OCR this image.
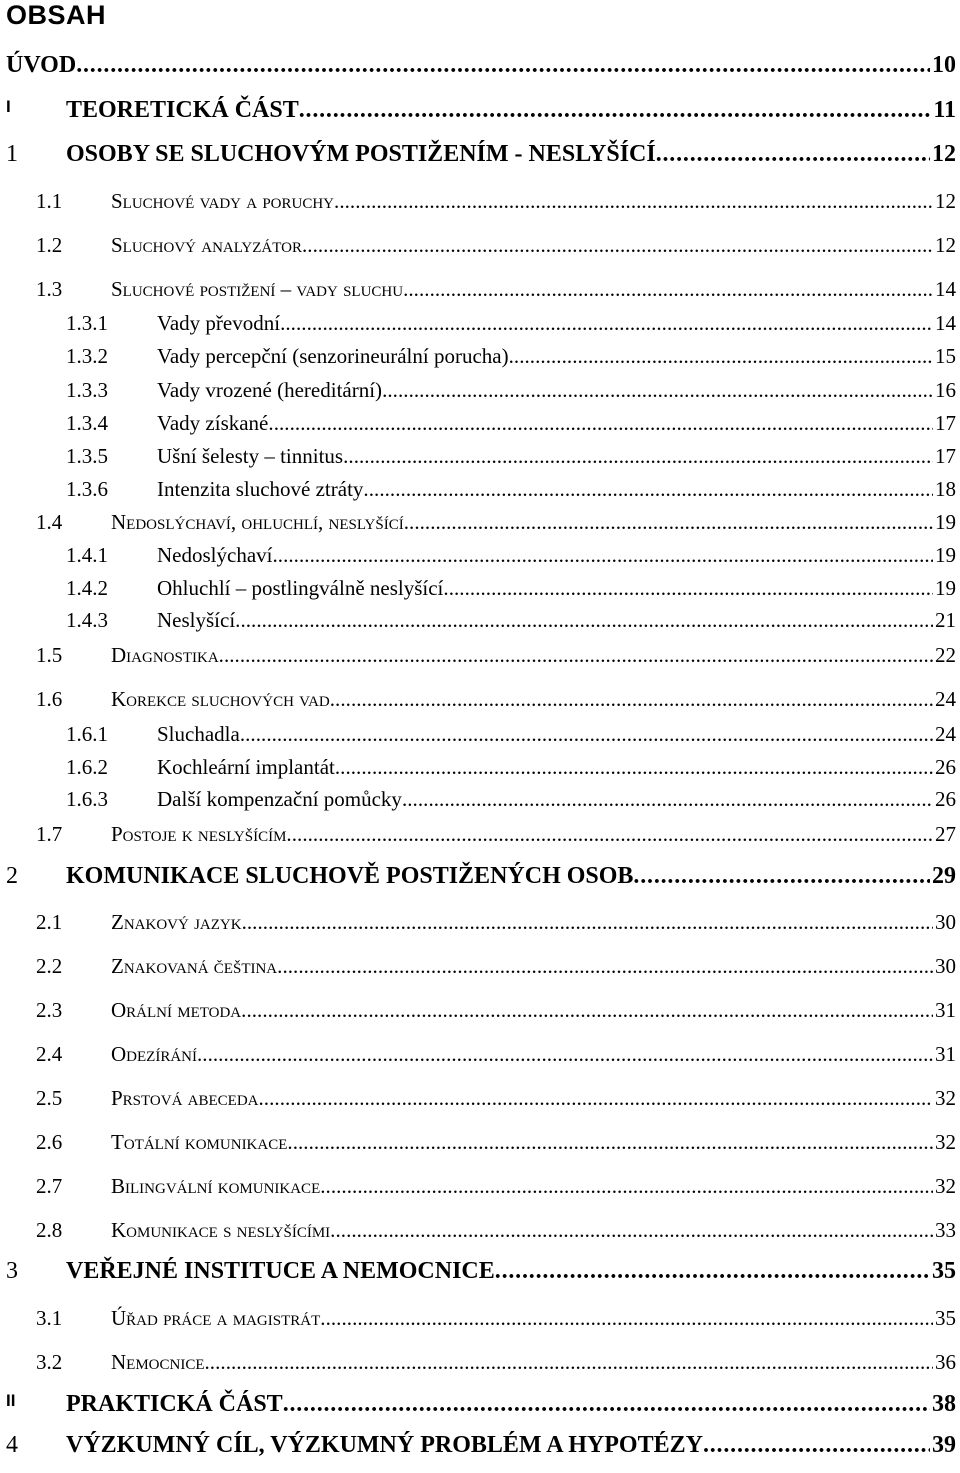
OBSAH
ÚVOD . . .	10
I TEORETICKÁ ČÁST . . .	11
1 OSOBY SE SLUCHOVÝM POSTIŽENÍM - NESLYŠÍCÍ . . .	12
1.1 Sluchové vady a poruchy . . .	12
1.2 Sluchový analyzátor . . .	12
1.3 Sluchové postižení – vady sluchu . . .	14
1.3.1 Vady převodní . . .	14
1.3.2 Vady percepční (senzorineurální porucha) . . .	15
1.3.3 Vady vrozené (hereditární) . . .	16
1.3.4 Vady získané . . .	17
1.3.5 Ušní šelesty – tinnitus . . .	17
1.3.6 Intenzita sluchové ztráty . . .	18
1.4 Nedoslýchaví, ohluchlí, neslyšící . . .	19
1.4.1 Nedoslýchaví . . .	19
1.4.2 Ohluchlí – postlingválně neslyšící . . .	19
1.4.3 Neslyšící . . .	21
1.5 Diagnostika . . .	22
1.6 Korekce sluchových vad . . .	24
1.6.1 Sluchadla . . .	24
1.6.2 Kochleární implantát . . .	26
1.6.3 Další kompenzační pomůcky . . .	26
1.7 Postoje k neslyšícím . . .	27
2 KOMUNIKACE SLUCHOVĚ POSTIŽENÝCH OSOB . . .	29
2.1 Znakový jazyk . . .	30
2.2 Znakovaná čeština . . .	30
2.3 Orální metoda . . .	31
2.4 Odezírání . . .	31
2.5 Prstová abeceda . . .	32
2.6 Totální komunikace . . .	32
2.7 Bilingvální komunikace . . .	32
2.8 Komunikace s neslyšícími . . .	33
3 VEŘEJNÉ INSTITUCE A NEMOCNICE . . .	35
3.1 Úřad práce a magistrát . . .	35
3.2 Nemocnice . . .	36
II PRAKTICKÁ ČÁST . . .	38
4 VÝZKUMNÝ CÍL, VÝZKUMNÝ PROBLÉM A HYPOTÉZY . . .	39
